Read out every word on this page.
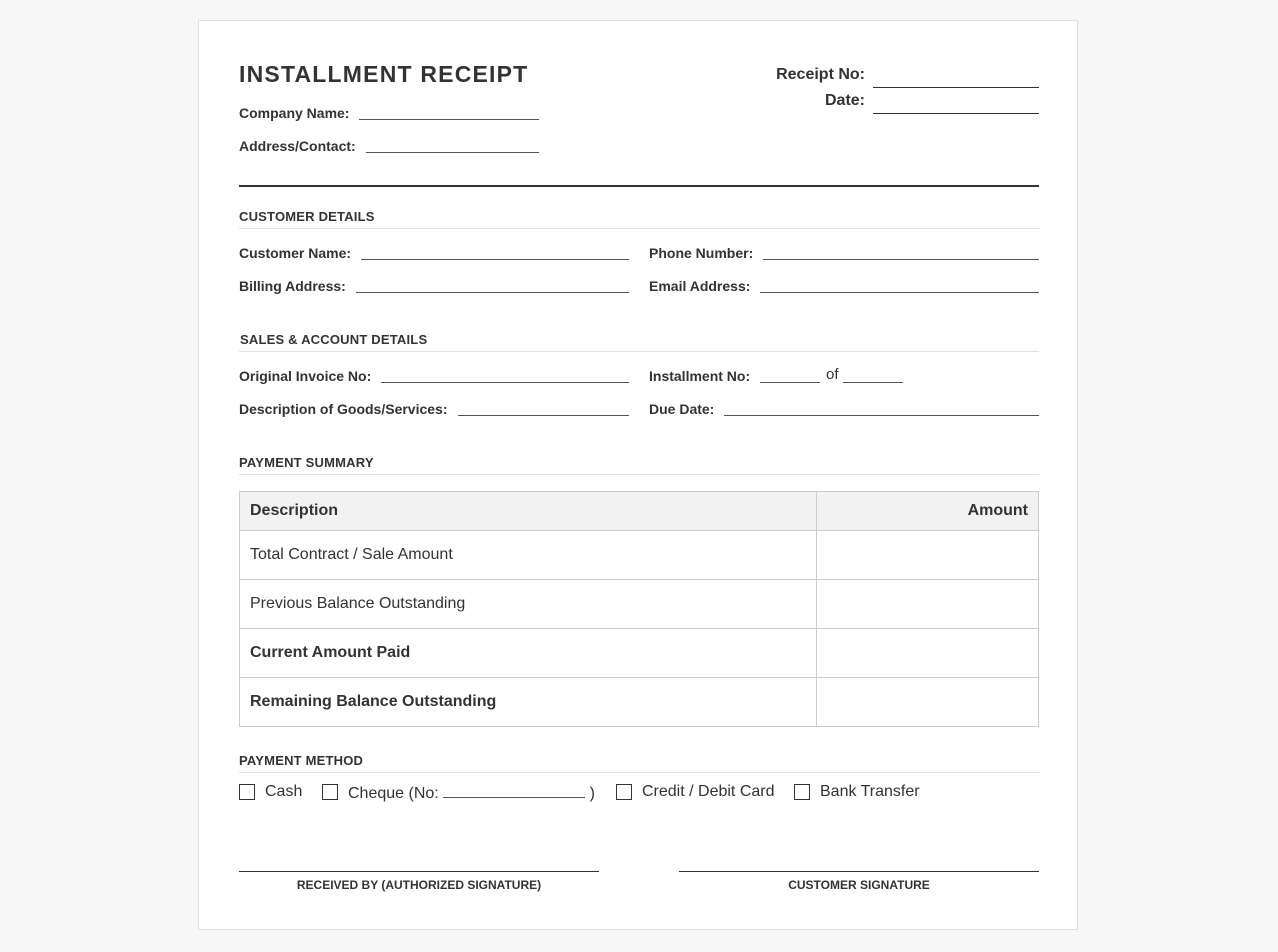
INSTALLMENT RECEIPT
Company Name:
Address/Contact:
Receipt No:
Date:
CUSTOMER DETAILS
Customer Name:	Phone Number:
Billing Address:	Email Address:
SALES & ACCOUNT DETAILS
Original Invoice No:	Installment No:	of
Description of Goods/Services:	Due Date:
PAYMENT SUMMARY
Description	Amount
Total Contract / Sale Amount	
Previous Balance Outstanding	
Current Amount Paid	
Remaining Balance Outstanding	
PAYMENT METHOD
Cash	Cheque (No:	)	Credit / Debit Card	Bank Transfer
RECEIVED BY (AUTHORIZED SIGNATURE)	CUSTOMER SIGNATURE
